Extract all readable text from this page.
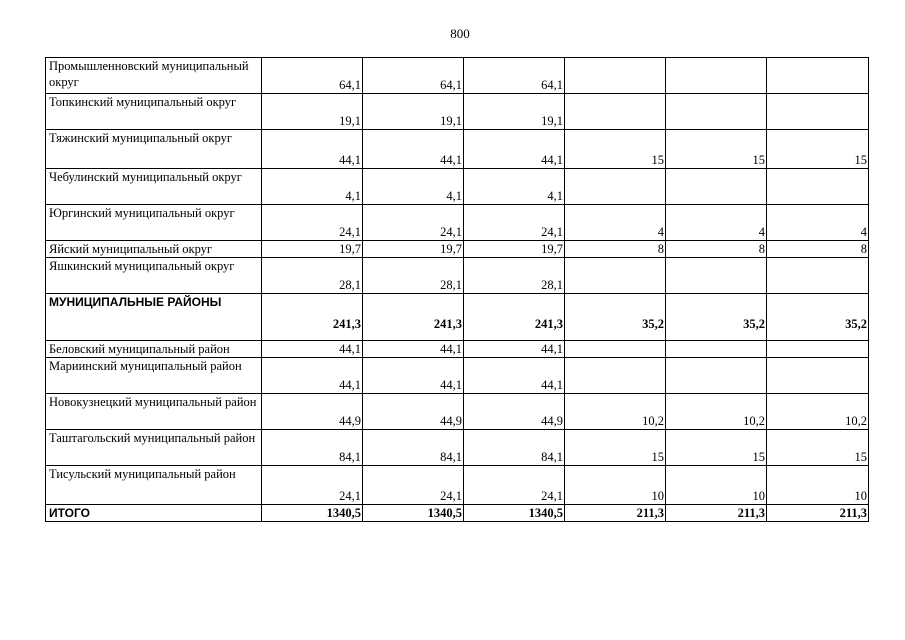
800
Промышленновский муниципальный округ	64,1	64,1	64,1			
Топкинский муниципальный округ	19,1	19,1	19,1			
Тяжинский муниципальный округ	44,1	44,1	44,1	15	15	15
Чебулинский муниципальный округ	4,1	4,1	4,1			
Юргинский муниципальный округ	24,1	24,1	24,1	4	4	4
Яйский муниципальный округ	19,7	19,7	19,7	8	8	8
Яшкинский муниципальный округ	28,1	28,1	28,1			
МУНИЦИПАЛЬНЫЕ РАЙОНЫ	241,3	241,3	241,3	35,2	35,2	35,2
Беловский муниципальный район	44,1	44,1	44,1			
Мариинский муниципальный район	44,1	44,1	44,1			
Новокузнецкий муниципальный район	44,9	44,9	44,9	10,2	10,2	10,2
Таштагольский муниципальный район	84,1	84,1	84,1	15	15	15
Тисульский муниципальный район	24,1	24,1	24,1	10	10	10
ИТОГО	1340,5	1340,5	1340,5	211,3	211,3	211,3
